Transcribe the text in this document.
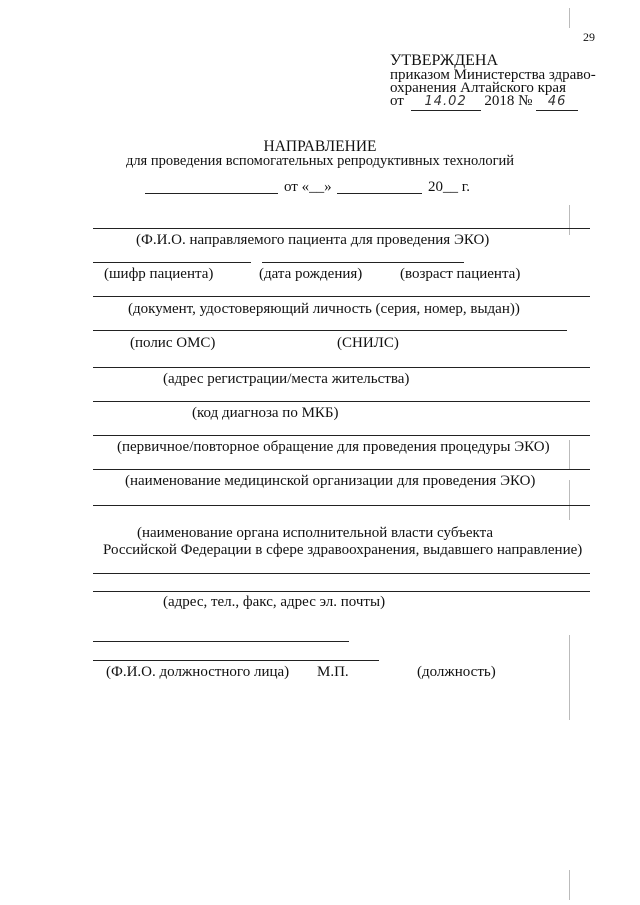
29
УТВЕРЖДЕНА
приказом Министерства здраво-
охранения Алтайского края
от 14.02 2018 № 46
НАПРАВЛЕНИЕ
для проведения вспомогательных репродуктивных технологий
от «__»	20__ г.
(Ф.И.О. направляемого пациента для проведения ЭКО)
(шифр пациента)	(дата рождения)	(возраст пациента)
(документ, удостоверяющий личность (серия, номер, выдан))
(полис ОМС)	(СНИЛС)
(адрес регистрации/места жительства)
(код диагноза по МКБ)
(первичное/повторное обращение для проведения процедуры ЭКО)
(наименование медицинской организации для проведения ЭКО)
(наименование органа исполнительной власти субъекта
Российской Федерации в сфере здравоохранения, выдавшего направление)
(адрес, тел., факс, адрес эл. почты)
(Ф.И.О. должностного лица) М.П.	(должность)
